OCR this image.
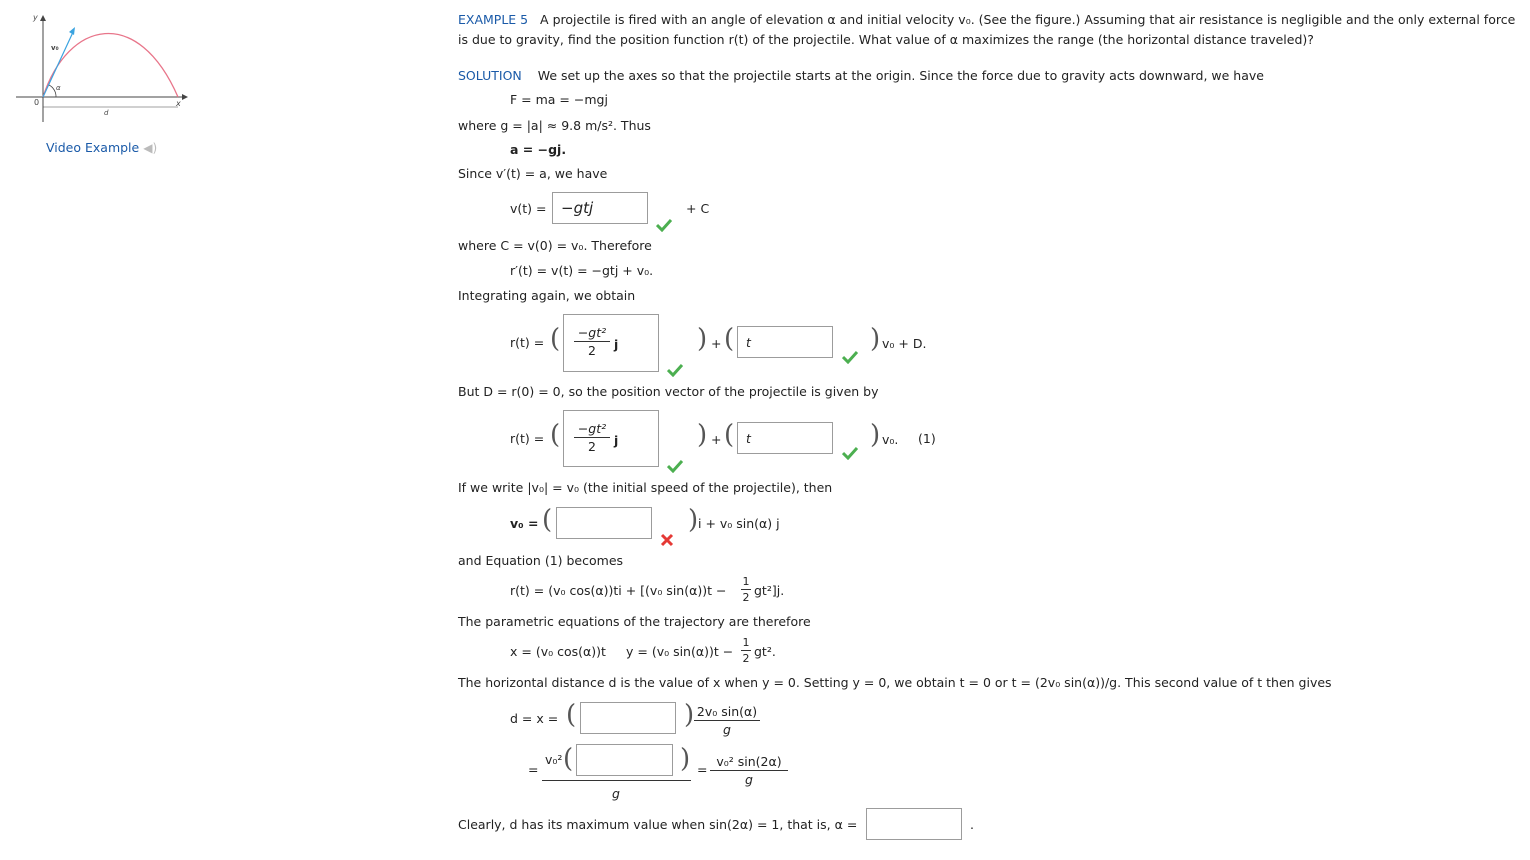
y
x
0
v₀
α
d
Video Example ◀)
EXAMPLE 5 A projectile is fired with an angle of elevation α and initial velocity v₀. (See the figure.) Assuming that air resistance is negligible and the only external force
is due to gravity, find the position function r(t) of the projectile. What value of α maximizes the range (the horizontal distance traveled)?
SOLUTION We set up the axes so that the projectile starts at the origin. Since the force due to gravity acts downward, we have
F = ma = −mgj
where g = |a| ≈ 9.8 m/s². Thus
a = −gj.
Since v′(t) = a, we have
v(t) = −gtj	+ C
where C = v(0) = v₀. Therefore
r′(t) = v(t) = −gtj + v₀.
Integrating again, we obtain
r(t) = (	−gt²
2	j	) + ( t	) v₀ + D.
But D = r(0) = 0, so the position vector of the projectile is given by
r(t) = (	−gt²
2	j	) + ( t	) v₀. (1)
If we write |v₀| = v₀ (the initial speed of the projectile), then
v₀ = (	) i + v₀ sin(α) j
and Equation (1) becomes
r(t) = (v₀ cos(α))ti + [(v₀ sin(α))t −
1
2 gt²]j.
The parametric equations of the trajectory are therefore
x = (v₀ cos(α))t y = (v₀ sin(α))t −
1
2 gt².
The horizontal distance d is the value of x when y = 0. Setting y = 0, we obtain t = 0 or t = (2v₀ sin(α))/g. This second value of t then gives
d = x = (	) 2v₀ sin(α)
g
=
v₀² (	)
g
=
v₀² sin(2α)
g
Clearly, d has its maximum value when sin(2α) = 1, that is, α =	.
